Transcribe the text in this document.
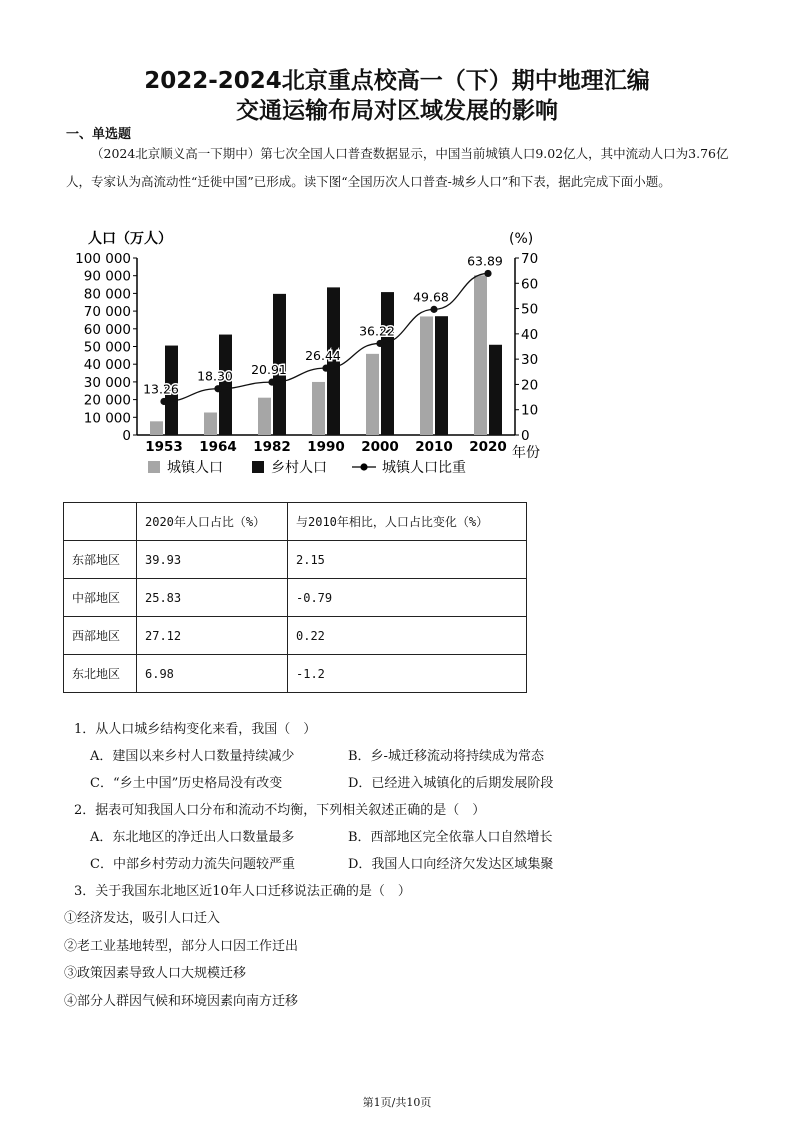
2022-2024北京重点校高一（下）期中地理汇编
交通运输布局对区域发展的影响
一、单选题

（2024北京顺义高一下期中）第七次全国人口普查数据显示，中国当前城镇人口9.02亿人，其中流动人口为3.76亿人，专家认为高流动性“迁徙中国”已形成。读下图“全国历次人口普查-城乡人口”和下表，据此完成下面小题。

人口（万人）	(%)
年份
0
10 000
20 000
30 000
40 000
50 000
60 000
70 000
80 000
90 000
100 000
0
10
20
30
40
50
60
70
1953 1964 1982 1990 2000 2010 2020
13.26
18.30 20.91
26.44
36.22
49.68
63.89
城镇人口	乡村人口	城镇人口比重
	2020年人口占比（%）	与2010年相比，人口占比变化（%）
东部地区	39.93	2.15
中部地区	25.83	-0.79
西部地区	27.12	0.22
东北地区	6.98	-1.2
1．从人口城乡结构变化来看，我国（　）
A．建国以来乡村人口数量持续减少	B．乡-城迁移流动将持续成为常态
C．“乡土中国”历史格局没有改变	D．已经进入城镇化的后期发展阶段
2．据表可知我国人口分布和流动不均衡，下列相关叙述正确的是（　）
A．东北地区的净迁出人口数量最多	B．西部地区完全依靠人口自然增长
C．中部乡村劳动力流失问题较严重	D．我国人口向经济欠发达区域集聚
3．关于我国东北地区近10年人口迁移说法正确的是（　）
①经济发达，吸引人口迁入
②老工业基地转型，部分人口因工作迁出
③政策因素导致人口大规模迁移
④部分人群因气候和环境因素向南方迁移
第1页/共10页
